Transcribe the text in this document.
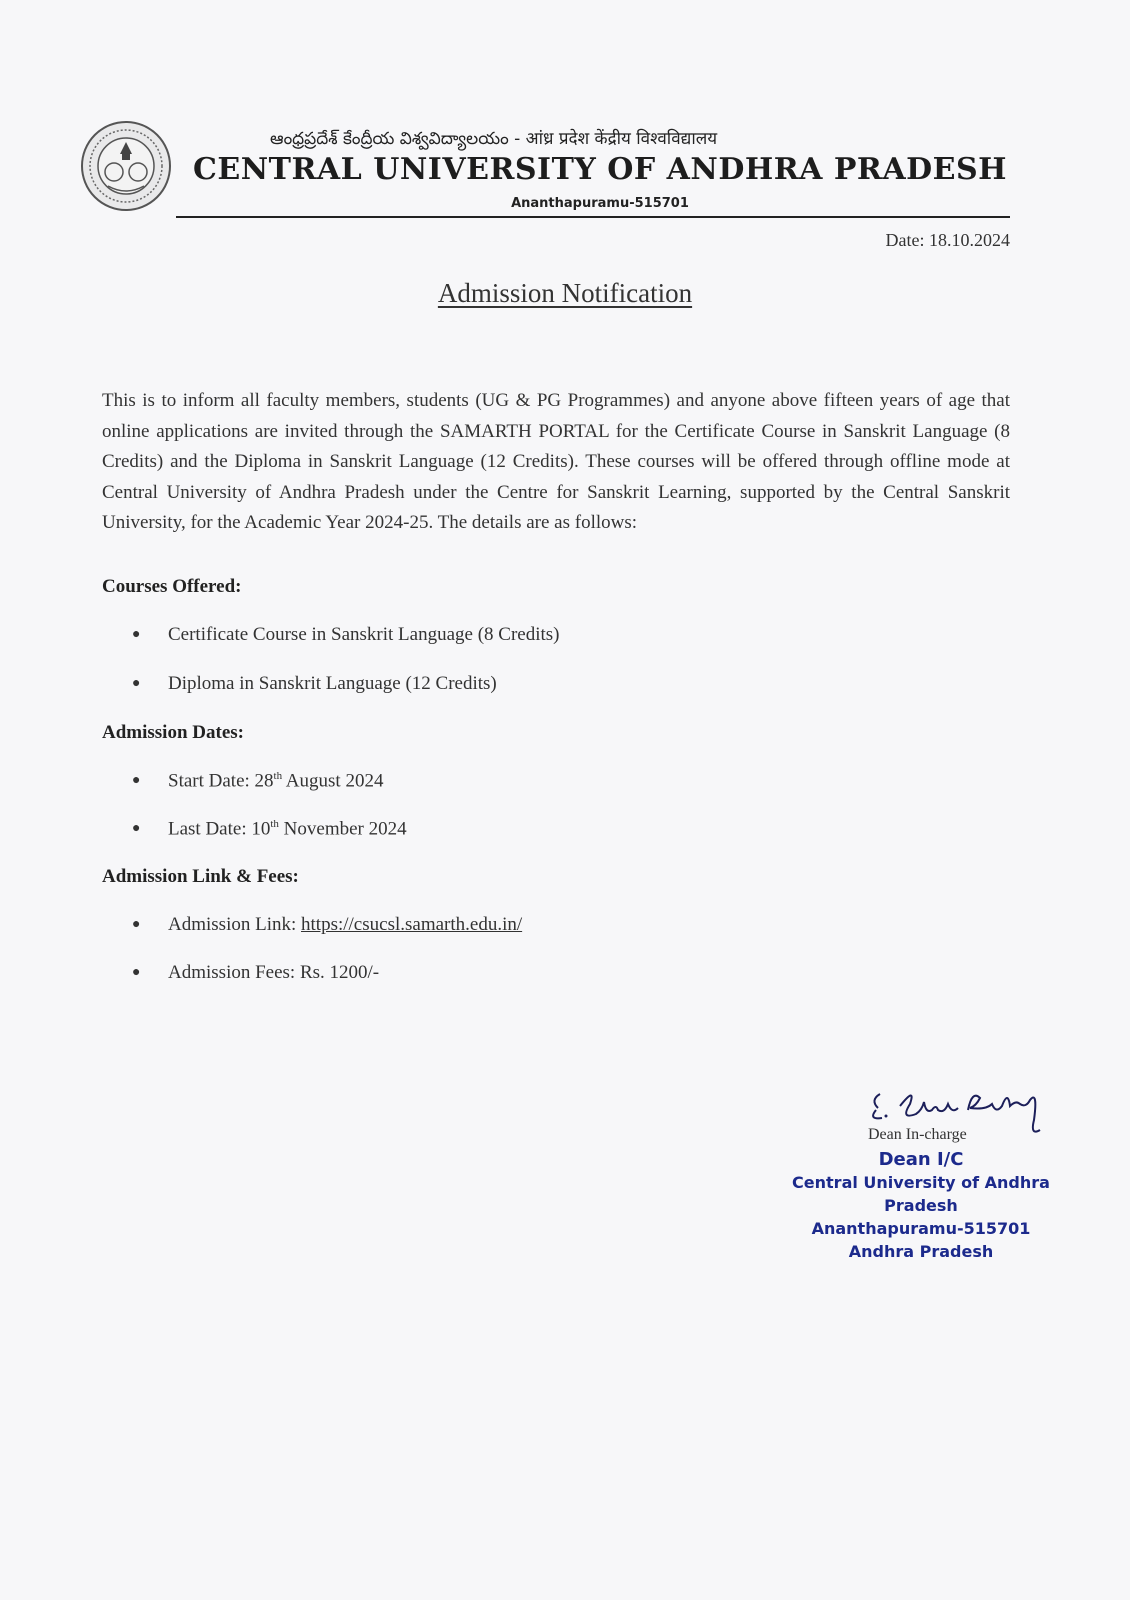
ఆంధ్రప్రదేశ్ కేంద్రీయ విశ్వవిద్యాలయం - आंध्र प्रदेश केंद्रीय विश्वविद्यालय
CENTRAL UNIVERSITY OF ANDHRA PRADESH
Ananthapuramu-515701
Date: 18.10.2024
Admission Notification

This is to inform all faculty members, students (UG & PG Programmes) and anyone above fifteen years of age that online applications are invited through the SAMARTH PORTAL for the Certificate Course in Sanskrit Language (8 Credits) and the Diploma in Sanskrit Language (12 Credits). These courses will be offered through offline mode at Central University of Andhra Pradesh under the Centre for Sanskrit Learning, supported by the Central Sanskrit University, for the Academic Year 2024-25. The details are as follows:

Courses Offered:
● Certificate Course in Sanskrit Language (8 Credits)
● Diploma in Sanskrit Language (12 Credits)
Admission Dates:
● Start Date: 28th August 2024
● Last Date: 10th November 2024
Admission Link & Fees:
● Admission Link: https://csucsl.samarth.edu.in/
● Admission Fees: Rs. 1200/-
Dean In-charge
Dean I/C
Central University of Andhra Pradesh
Ananthapuramu-515701
Andhra Pradesh
